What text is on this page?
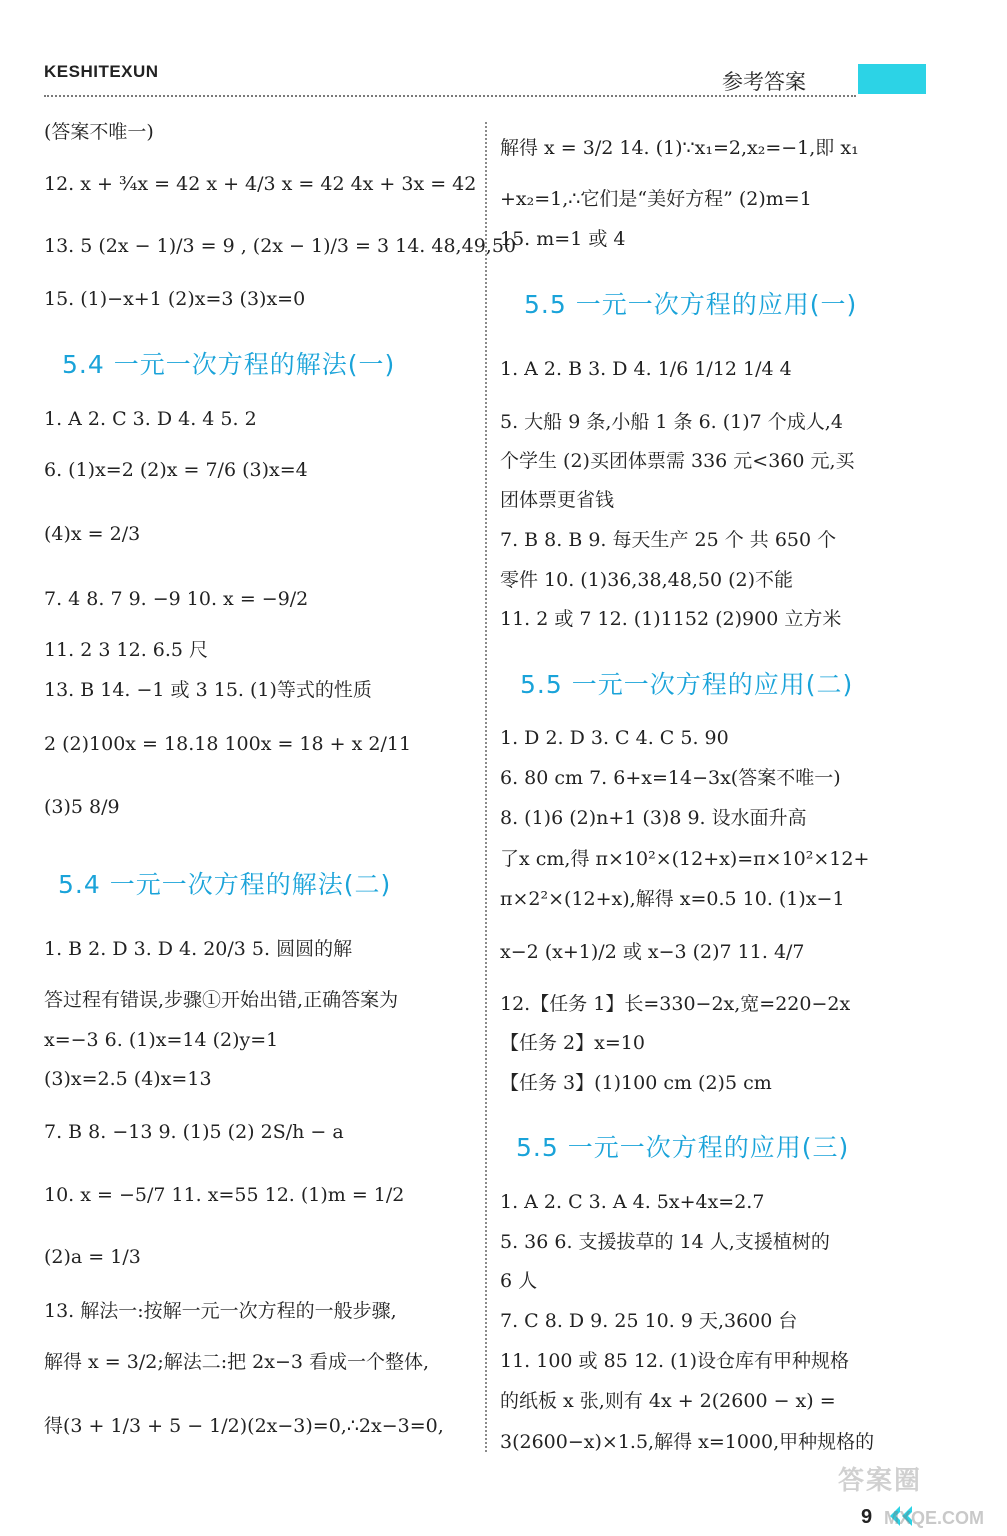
KESHITEXUN	参考答案
(答案不唯一)
12. x + ¾x = 42 x + 4/3 x = 42 4x + 3x = 42
13. 5 (2x − 1)/3 = 9 , (2x − 1)/3 = 3 14. 48,49,50
15. (1)−x+1 (2)x=3 (3)x=0
5.4 一元一次方程的解法(一)
1. A 2. C 3. D 4. 4 5. 2
6. (1)x=2 (2)x = 7/6 (3)x=4
(4)x = 2/3
7. 4 8. 7 9. −9 10. x = −9/2
11. 2 3 12. 6.5 尺
13. B 14. −1 或 3 15. (1)等式的性质
2 (2)100x = 18.18 100x = 18 + x 2/11
(3)5 8/9
5.4 一元一次方程的解法(二)
1. B 2. D 3. D 4. 20/3 5. 圆圆的解
答过程有错误,步骤①开始出错,正确答案为
x=−3 6. (1)x=14 (2)y=1
(3)x=2.5 (4)x=13
7. B 8. −13 9. (1)5 (2) 2S/h − a
10. x = −5/7 11. x=55 12. (1)m = 1/2
(2)a = 1/3
13. 解法一:按解一元一次方程的一般步骤,
解得 x = 3/2;解法二:把 2x−3 看成一个整体,
得(3 + 1/3 + 5 − 1/2)(2x−3)=0,∴2x−3=0,
解得 x = 3/2 14. (1)∵x₁=2,x₂=−1,即 x₁
+x₂=1,∴它们是“美好方程” (2)m=1
15. m=1 或 4
5.5 一元一次方程的应用(一)
1. A 2. B 3. D 4. 1/6 1/12 1/4 4
5. 大船 9 条,小船 1 条 6. (1)7 个成人,4
个学生 (2)买团体票需 336 元<360 元,买
团体票更省钱
7. B 8. B 9. 每天生产 25 个 共 650 个
零件 10. (1)36,38,48,50 (2)不能
11. 2 或 7 12. (1)1152 (2)900 立方米
5.5 一元一次方程的应用(二)
1. D 2. D 3. C 4. C 5. 90
6. 80 cm 7. 6+x=14−3x(答案不唯一)
8. (1)6 (2)n+1 (3)8 9. 设水面升高
了x cm,得 π×10²×(12+x)=π×10²×12+
π×2²×(12+x),解得 x=0.5 10. (1)x−1
x−2 (x+1)/2 或 x−3 (2)7 11. 4/7
12.【任务 1】长=330−2x,宽=220−2x
【任务 2】x=10
【任务 3】(1)100 cm (2)5 cm
5.5 一元一次方程的应用(三)
1. A 2. C 3. A 4. 5x+4x=2.7
5. 36 6. 支援拔草的 14 人,支援植树的
6 人
7. C 8. D 9. 25 10. 9 天,3600 台
11. 100 或 85 12. (1)设仓库有甲种规格
的纸板 x 张,则有 4x + 2(2600 − x) =
3(2600−x)×1.5,解得 x=1000,甲种规格的
答案圈
9 MXQE.COM
